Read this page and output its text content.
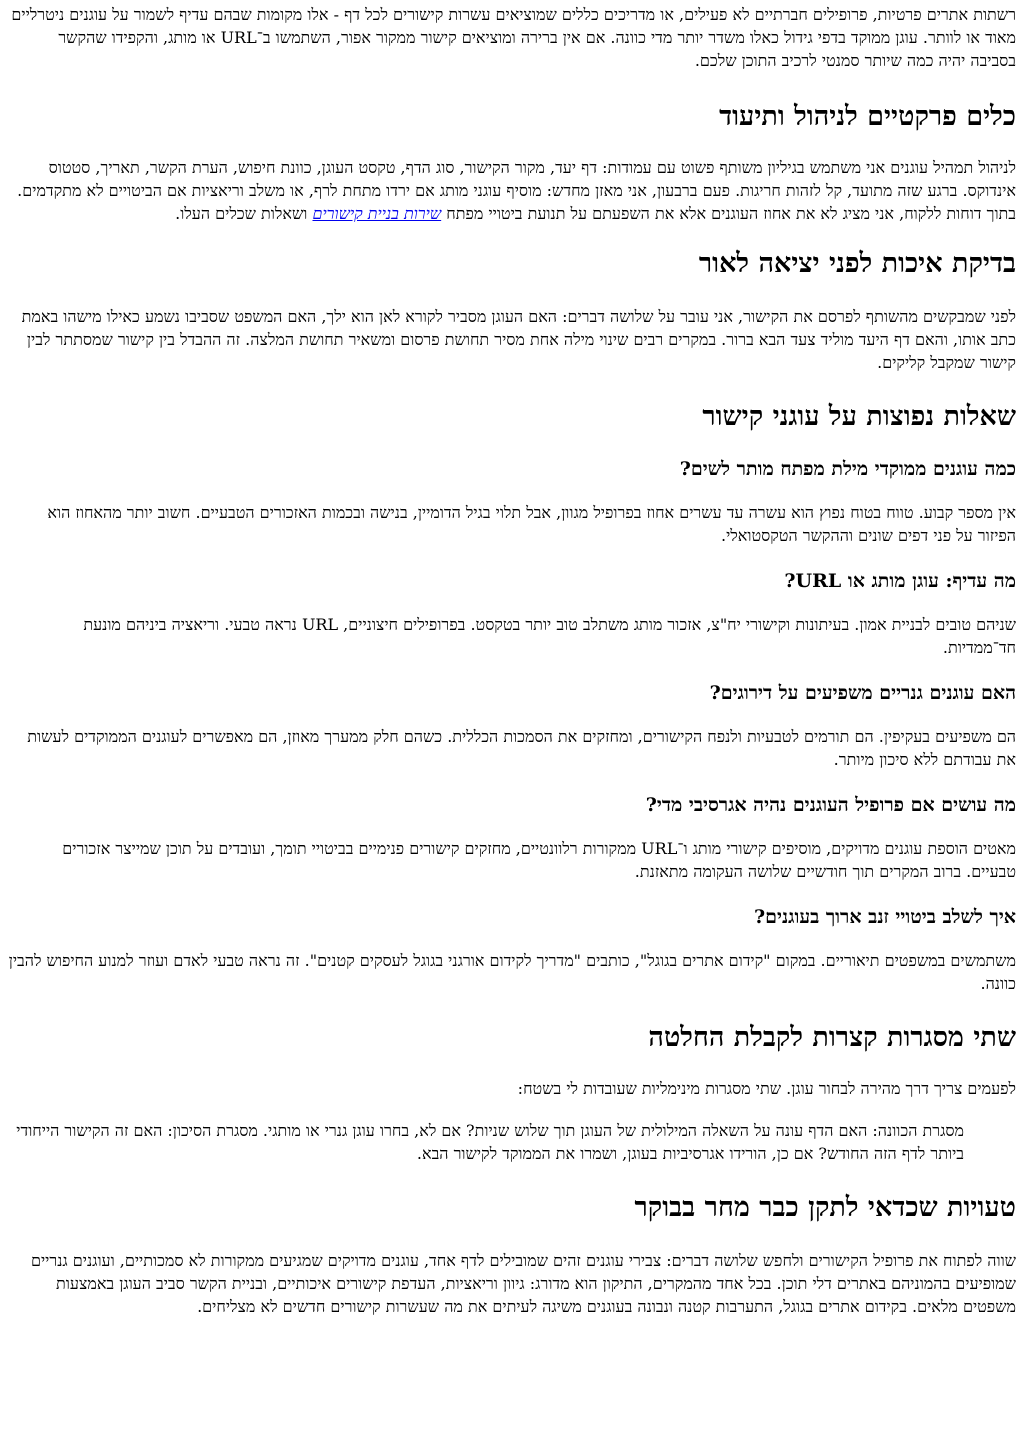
רשתות אתרים פרטיות, פרופילים חברתיים לא פעילים, או מדריכים כללים שמוציאים עשרות קישורים לכל דף - אלו מקומות שבהם עדיף לשמור על עוגנים ניטרליים מאוד או לוותר. עוגן ממוקד בדפי גידול כאלו משדר יותר מדי כוונה. אם אין ברירה ומוציאים קישור ממקור אפור, השתמשו ב־URL או מותג, והקפידו שהקשר בסביבה יהיה כמה שיותר סמנטי לרכיב התוכן שלכם.

כלים פרקטיים לניהול ותיעוד

לניהול תמהיל עוגנים אני משתמש בגיליון משותף פשוט עם עמודות: דף יעד, מקור הקישור, סוג הדף, טקסט העוגן, כוונת חיפוש, הערת הקשר, תאריך, סטטוס אינדוקס. ברגע שזה מתועד, קל לזהות חריגות. פעם ברבעון, אני מאזן מחדש: מוסיף עוגני מותג אם ירדו מתחת לרף, או משלב וריאציות אם הביטויים לא מתקדמים. בתוך דוחות ללקוח, אני מציג לא את אחוז העוגנים אלא את השפעתם על תנועת ביטויי מפתח שירות בניית קישורים ושאלות שכלים העלו.

בדיקת איכות לפני יציאה לאור

לפני שמבקשים מהשותף לפרסם את הקישור, אני עובר על שלושה דברים: האם העוגן מסביר לקורא לאן הוא ילך, האם המשפט שסביבו נשמע כאילו מישהו באמת כתב אותו, והאם דף היעד מוליד צעד הבא ברור. במקרים רבים שינוי מילה אחת מסיר תחושת פרסום ומשאיר תחושת המלצה. זה ההבדל בין קישור שמסתתר לבין קישור שמקבל קליקים.

שאלות נפוצות על עוגני קישור
כמה עוגנים ממוקדי מילת מפתח מותר לשים?

אין מספר קבוע. טווח בטוח נפוץ הוא עשרה עד עשרים אחוז בפרופיל מגוון, אבל תלוי בגיל הדומיין, בנישה ובכמות האזכורים הטבעיים. חשוב יותר מהאחוז הוא הפיזור על פני דפים שונים וההקשר הטקסטואלי.

מה עדיף: עוגן מותג או URL?

שניהם טובים לבניית אמון. בעיתונות וקישורי יח"צ, אזכור מותג משתלב טוב יותר בטקסט. בפרופילים חיצוניים, URL נראה טבעי. וריאציה ביניהם מונעת חד־ממדיות.

האם עוגנים גנריים משפיעים על דירוגים?

הם משפיעים בעקיפין. הם תורמים לטבעיות ולנפח הקישורים, ומחזקים את הסמכות הכללית. כשהם חלק ממערך מאוזן, הם מאפשרים לעוגנים הממוקדים לעשות את עבודתם ללא סיכון מיותר.

מה עושים אם פרופיל העוגנים נהיה אגרסיבי מדי?

מאטים הוספת עוגנים מדויקים, מוסיפים קישורי מותג ו־URL ממקורות רלוונטיים, מחזקים קישורים פנימיים בביטויי תומך, ועובדים על תוכן שמייצר אזכורים טבעיים. ברוב המקרים תוך חודשיים שלושה העקומה מתאזנת.

איך לשלב ביטויי זנב ארוך בעוגנים?

משתמשים במשפטים תיאוריים. במקום "קידום אתרים בגוגל", כותבים "מדריך לקידום אורגני בגוגל לעסקים קטנים". זה נראה טבעי לאדם ועוזר למנוע החיפוש להבין כוונה.

שתי מסגרות קצרות לקבלת החלטה

לפעמים צריך דרך מהירה לבחור עוגן. שתי מסגרות מינימליות שעובדות לי בשטח:

מסגרת הכוונה: האם הדף עונה על השאלה המילולית של העוגן תוך שלוש שניות? אם לא, בחרו עוגן גנרי או מותגי. מסגרת הסיכון: האם זה הקישור הייחודי ביותר לדף הזה החודש? אם כן, הורידו אגרסיביות בעוגן, ושמרו את הממוקד לקישור הבא.

טעויות שכדאי לתקן כבר מחר בבוקר

שווה לפתוח את פרופיל הקישורים ולחפש שלושה דברים: צבירי עוגנים זהים שמובילים לדף אחד, עוגנים מדויקים שמגיעים ממקורות לא סמכותיים, ועוגנים גנריים שמופיעים בהמוניהם באתרים דלי תוכן. בכל אחד מהמקרים, התיקון הוא מדורג: גיוון וריאציות, העדפת קישורים איכותיים, ובניית הקשר סביב העוגן באמצעות משפטים מלאים. בקידום אתרים בגוגל, התערבות קטנה ונבונה בעוגנים משיגה לעיתים את מה שעשרות קישורים חדשים לא מצליחים.
